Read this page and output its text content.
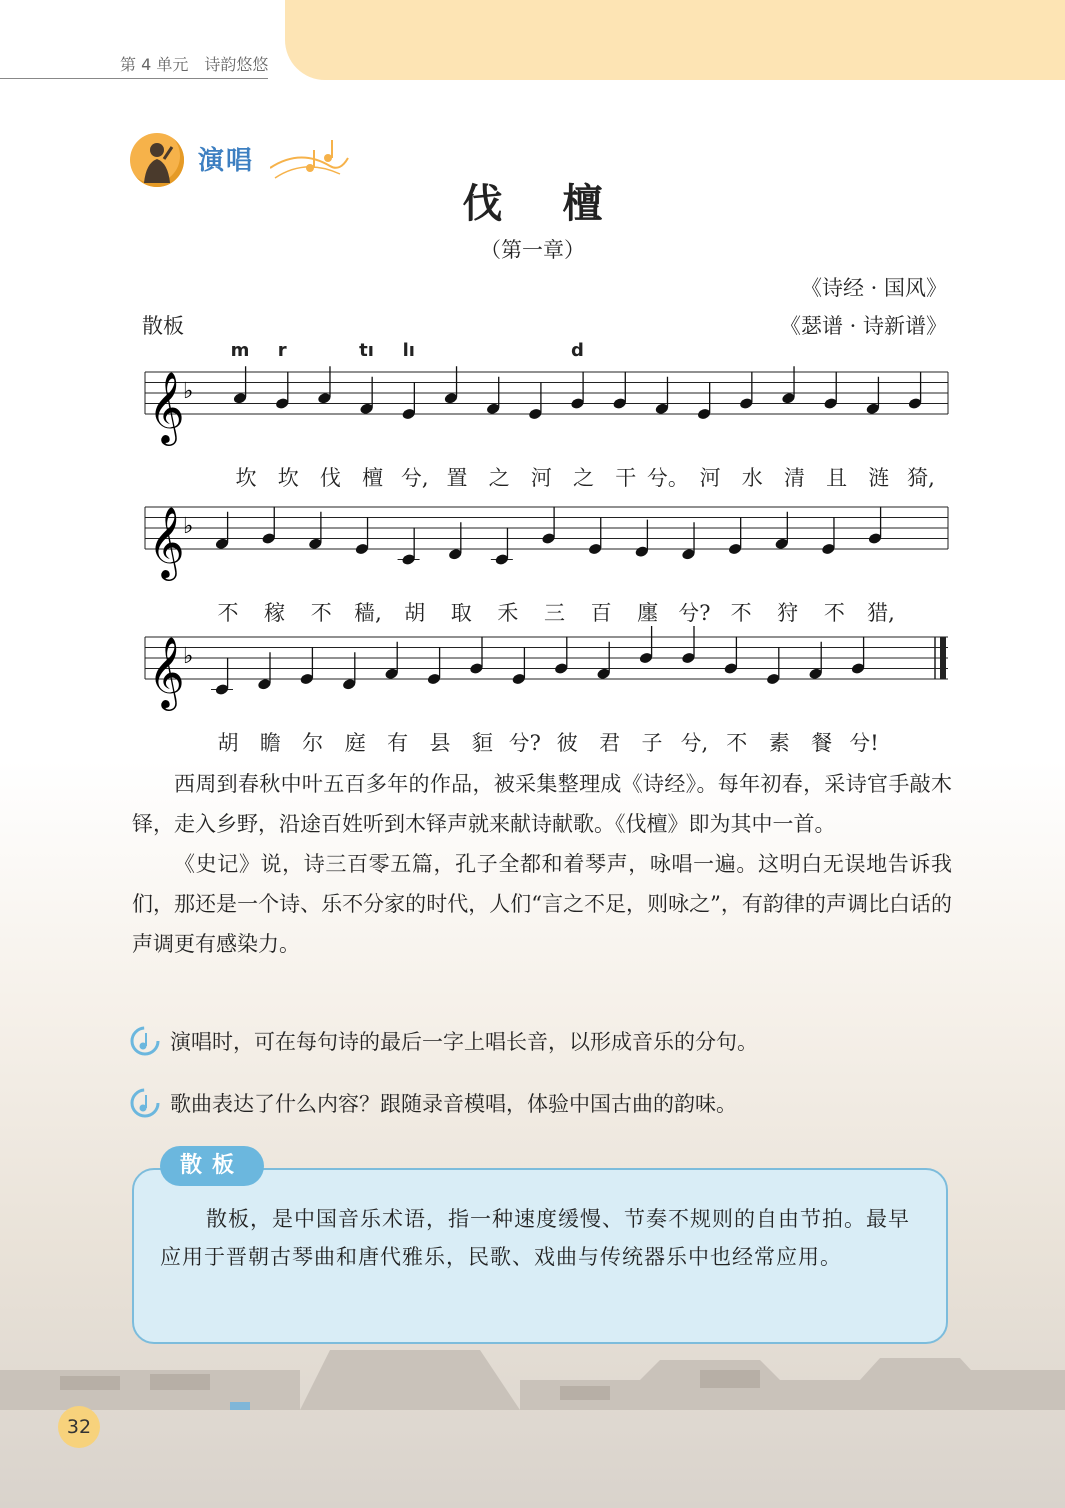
第 4 单元　诗韵悠悠
演唱
伐檀
（第一章）
《诗经 · 国风》
《瑟谱 · 诗新谱》
散板
𝄞
♭
m r	tı lı	d
坎 坎 伐 檀 兮, 置 之 河 之 干 兮。 河 水 清 且 涟 猗,
𝄞
♭
不 稼 不 穑, 胡 取 禾 三 百 廛 兮? 不 狩 不 猎,
𝄞
♭
胡 瞻 尔 庭 有 县 貆 兮? 彼 君 子 兮, 不 素 餐 兮!

西周到春秋中叶五百多年的作品，被采集整理成《诗经》。每年初春，采诗官手敲木铎，走入乡野，沿途百姓听到木铎声就来献诗献歌。《伐檀》即为其中一首。

《史记》说，诗三百零五篇，孔子全都和着琴声，咏唱一遍。这明白无误地告诉我们，那还是一个诗、乐不分家的时代，人们“言之不足，则咏之”，有韵律的声调比白话的声调更有感染力。

演唱时，可在每句诗的最后一字上唱长音，以形成音乐的分句。
歌曲表达了什么内容？跟随录音模唱，体验中国古曲的韵味。
散板

散板，是中国音乐术语，指一种速度缓慢、节奏不规则的自由节拍。最早应用于晋朝古琴曲和唐代雅乐，民歌、戏曲与传统器乐中也经常应用。

32
